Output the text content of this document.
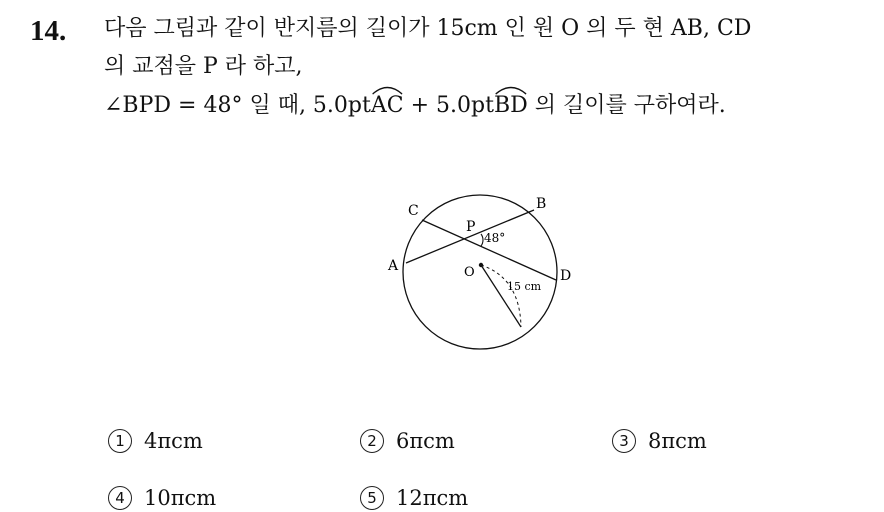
14. 다음 그림과 같이 반지름의 길이가 15cm 인 원 O 의 두 현 AB, CD
의 교점을 P 라 하고,
∠BPD = 48° 일 때, 5.0pt
AC + 5.0pt
BD 의 길이를 구하여라.
C	B
A
D
P
48°
O
15 cm
1 4πcm	2 6πcm	3 8πcm
4 10πcm	5 12πcm
